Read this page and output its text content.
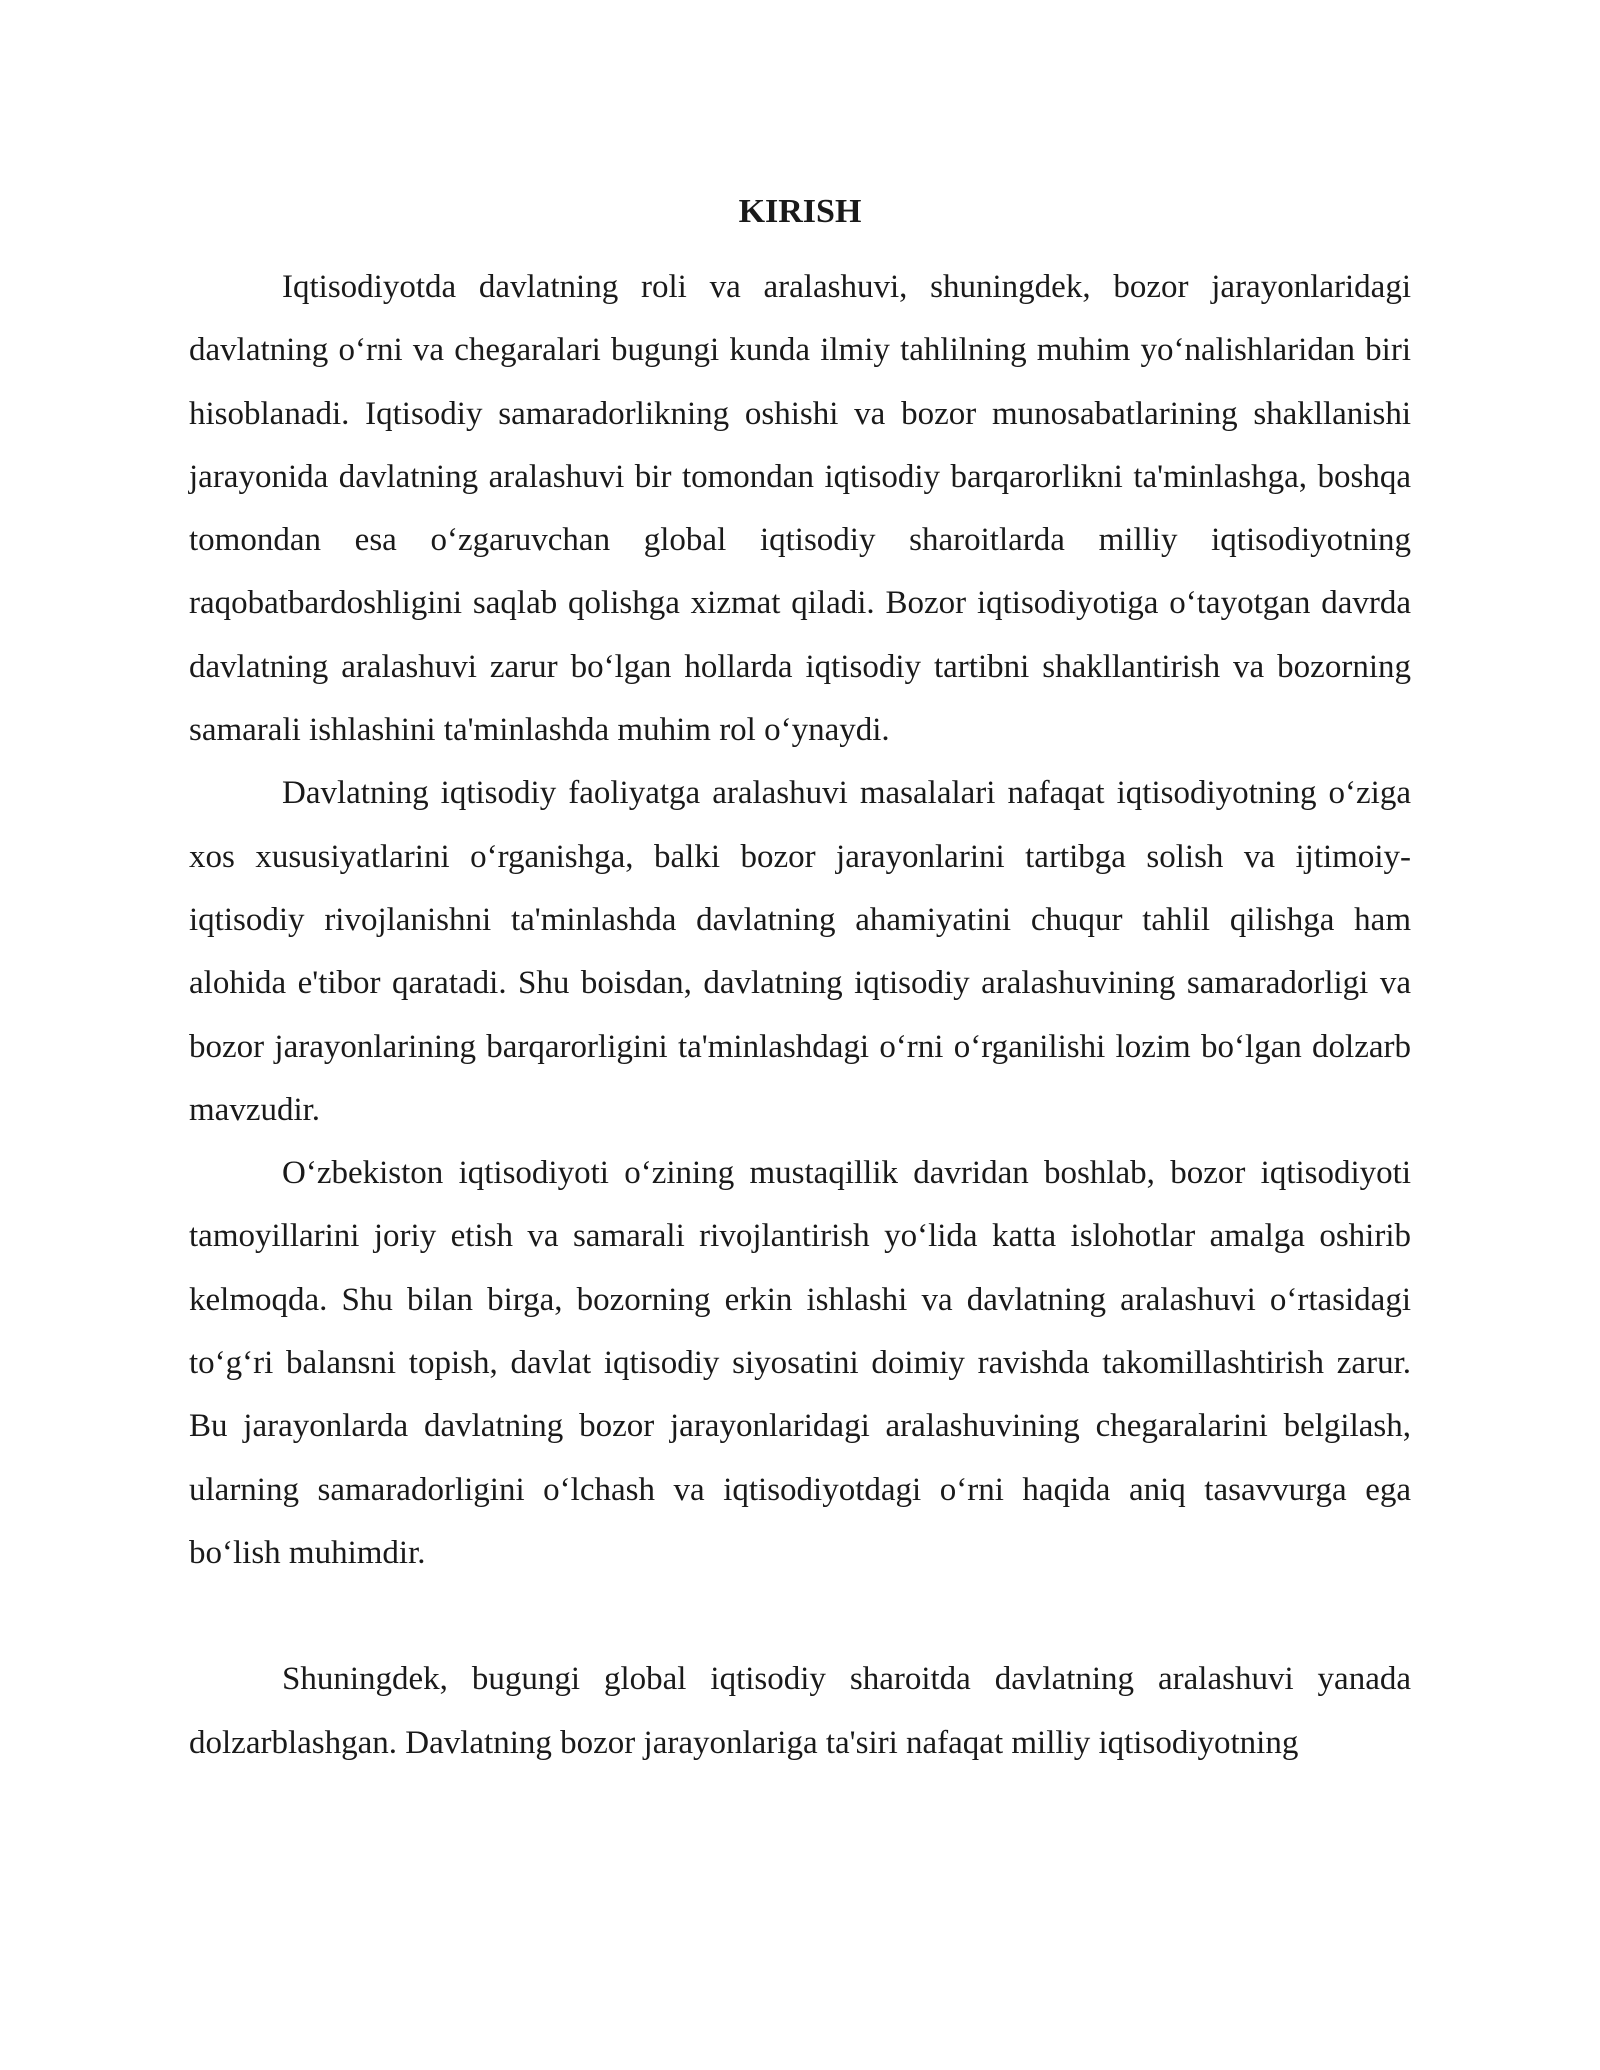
KIRISH

Iqtisodiyotda davlatning roli va aralashuvi, shuningdek, bozor jarayonlaridagi davlatning o‘rni va chegaralari bugungi kunda ilmiy tahlilning muhim yo‘nalishlaridan biri hisoblanadi. Iqtisodiy samaradorlikning oshishi va bozor munosabatlarining shakllanishi jarayonida davlatning aralashuvi bir tomondan iqtisodiy barqarorlikni ta'minlashga, boshqa tomondan esa o‘zgaruvchan global iqtisodiy sharoitlarda milliy iqtisodiyotning raqobatbardoshligini saqlab qolishga xizmat qiladi. Bozor iqtisodiyotiga o‘tayotgan davrda davlatning aralashuvi zarur bo‘lgan hollarda iqtisodiy tartibni shakllantirish va bozorning samarali ishlashini ta'minlashda muhim rol o‘ynaydi.

Davlatning iqtisodiy faoliyatga aralashuvi masalalari nafaqat iqtisodiyotning o‘ziga xos xususiyatlarini o‘rganishga, balki bozor jarayonlarini tartibga solish va ijtimoiy-iqtisodiy rivojlanishni ta'minlashda davlatning ahamiyatini chuqur tahlil qilishga ham alohida e'tibor qaratadi. Shu boisdan, davlatning iqtisodiy aralashuvining samaradorligi va bozor jarayonlarining barqarorligini ta'minlashdagi o‘rni o‘rganilishi lozim bo‘lgan dolzarb mavzudir.

O‘zbekiston iqtisodiyoti o‘zining mustaqillik davridan boshlab, bozor iqtisodiyoti tamoyillarini joriy etish va samarali rivojlantirish yo‘lida katta islohotlar amalga oshirib kelmoqda. Shu bilan birga, bozorning erkin ishlashi va davlatning aralashuvi o‘rtasidagi to‘g‘ri balansni topish, davlat iqtisodiy siyosatini doimiy ravishda takomillashtirish zarur. Bu jarayonlarda davlatning bozor jarayonlaridagi aralashuvining chegaralarini belgilash, ularning samaradorligini o‘lchash va iqtisodiyotdagi o‘rni haqida aniq tasavvurga ega bo‘lish muhimdir.

Shuningdek, bugungi global iqtisodiy sharoitda davlatning aralashuvi yanada dolzarblashgan. Davlatning bozor jarayonlariga ta'siri nafaqat milliy iqtisodiyotning
